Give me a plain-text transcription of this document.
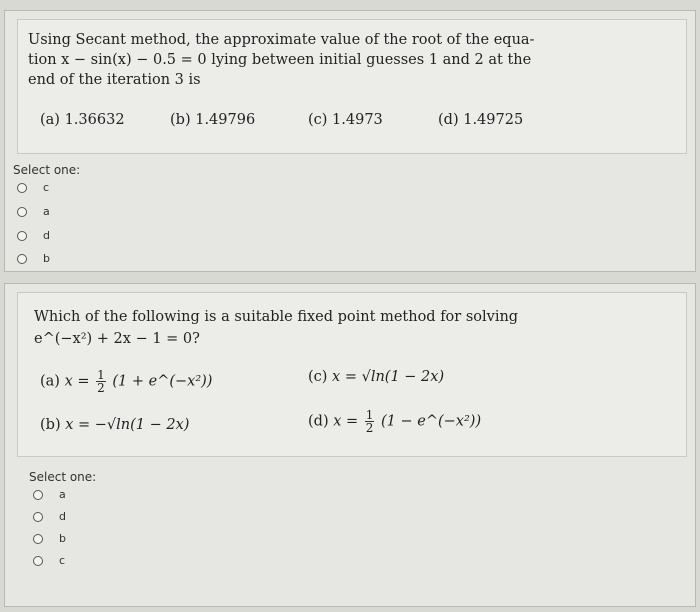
Using Secant method, the approximate value of the root of the equa-
tion x − sin(x) − 0.5 = 0 lying between initial guesses 1 and 2 at the
end of the iteration 3 is
(a) 1.36632	(b) 1.49796	(c) 1.4973	(d) 1.49725
Select one:
c
a
d
b
Which of the following is a suitable fixed point method for solving
e^(−x²) + 2x − 1 = 0?
(a) $x = \frac{1}{2} (1$ + e^(−x²))
(b) x = −√ln(1 − 2x)
(c) x = √ln(1 − 2x)
(d) $x = \frac{1}{2} (1$ − e^(−x²))
Select one:
a
d
b
c
